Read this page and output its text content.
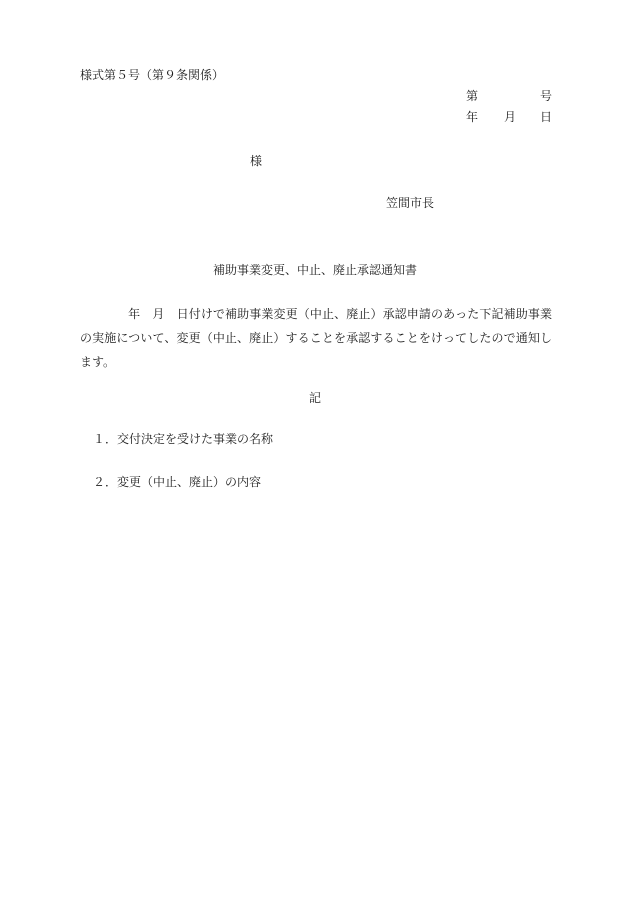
様式第５号（第９条関係）
第	号
年 月 日
様
笠間市長
補助事業変更、中止、廃止承認通知書

年 月 日付けで補助事業変更（中止、廃止）承認申請のあった下記補助事業の実施について、変更（中止、廃止）することを承認することをけってしたので通知します。

記
１．交付決定を受けた事業の名称
２．変更（中止、廃止）の内容
